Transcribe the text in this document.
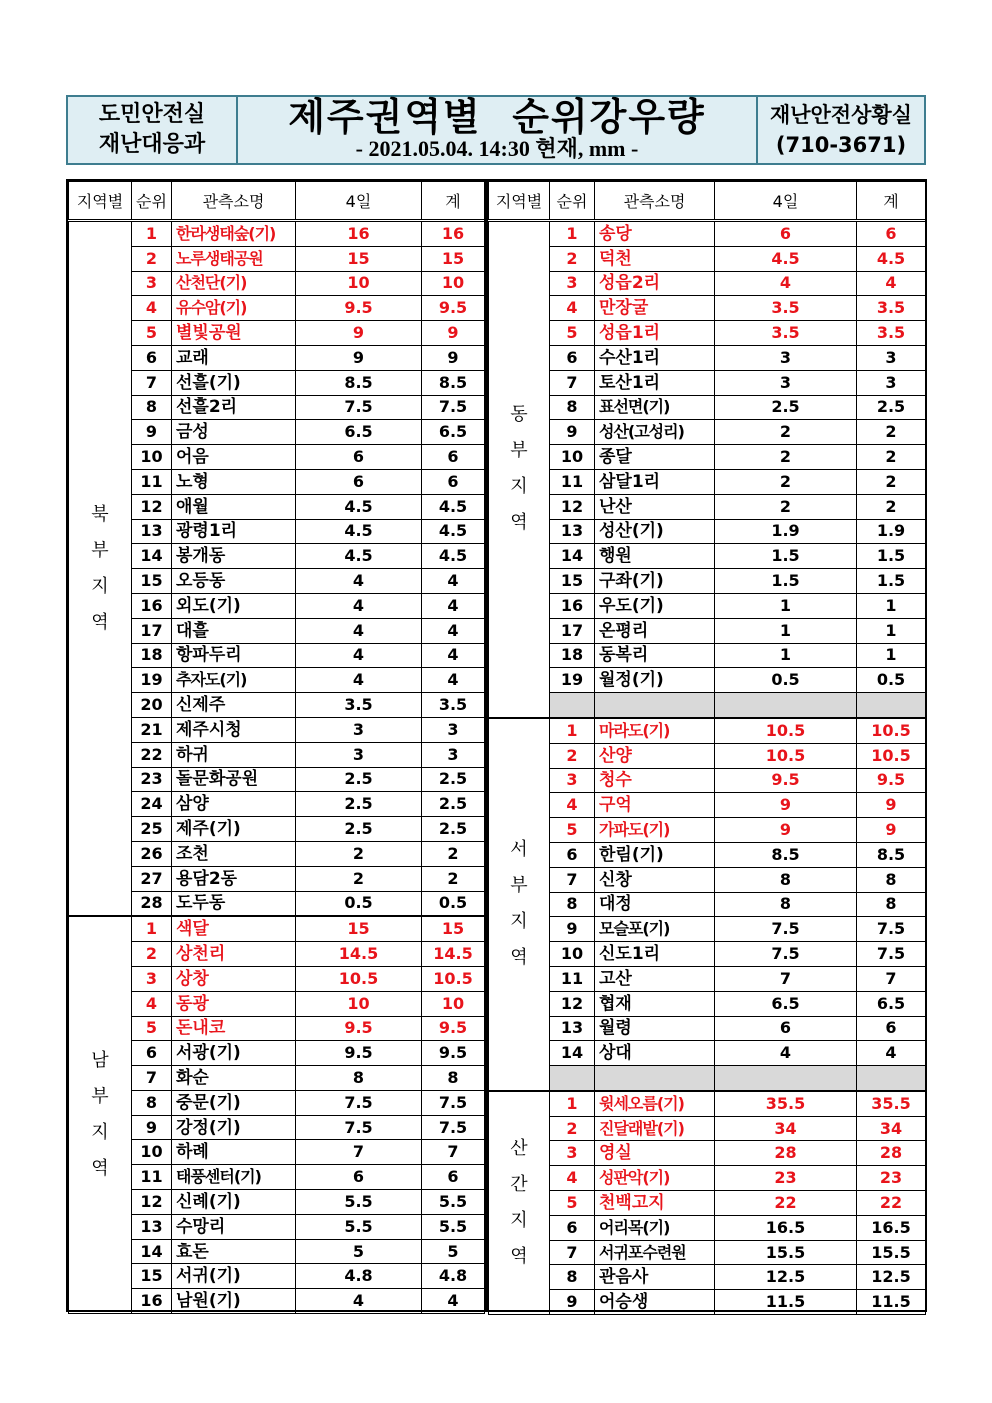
도민안전실
재난대응과
제주권역별  순위강우량
- 2021.05.04. 14:30 현재, mm -
재난안전상황실
(710-3671)
지역별	순위	관측소명	4일	계

북
부
지
역	1	한라생태숲(기)	16	16
	2	노루생태공원	15	15
	3	산천단(기)	10	10
	4	유수암(기)	9.5	9.5
	5	별빛공원	9	9
	6	교래	9	9
	7	선흘(기)	8.5	8.5
	8	선흘2리	7.5	7.5
	9	금성	6.5	6.5
	10	어음	6	6
	11	노형	6	6
	12	애월	4.5	4.5
	13	광령1리	4.5	4.5
	14	봉개동	4.5	4.5
	15	오등동	4	4
	16	외도(기)	4	4
	17	대흘	4	4
	18	항파두리	4	4
	19	추자도(기)	4	4
	20	신제주	3.5	3.5
	21	제주시청	3	3
	22	하귀	3	3
	23	돌문화공원	2.5	2.5
	24	삼양	2.5	2.5
	25	제주(기)	2.5	2.5
	26	조천	2	2
	27	용담2동	2	2
	28	도두동	0.5	0.5

남
부
지
역	1	색달	15	15
	2	상천리	14.5	14.5
	3	상창	10.5	10.5
	4	동광	10	10
	5	돈내코	9.5	9.5
	6	서광(기)	9.5	9.5
	7	화순	8	8
	8	중문(기)	7.5	7.5
	9	강정(기)	7.5	7.5
	10	하례	7	7
	11	태풍센터(기)	6	6
	12	신례(기)	5.5	5.5
	13	수망리	5.5	5.5
	14	효돈	5	5
	15	서귀(기)	4.8	4.8
	16	남원(기)	4	4
지역별	순위	관측소명	4일	계

동
부
지
역	1	송당	6	6
	2	덕천	4.5	4.5
	3	성읍2리	4	4
	4	만장굴	3.5	3.5
	5	성읍1리	3.5	3.5
	6	수산1리	3	3
	7	토산1리	3	3
	8	표선면(기)	2.5	2.5
	9	성산(고성리)	2	2
	10	종달	2	2
	11	삼달1리	2	2
	12	난산	2	2
	13	성산(기)	1.9	1.9
	14	행원	1.5	1.5
	15	구좌(기)	1.5	1.5
	16	우도(기)	1	1
	17	온평리	1	1
	18	동복리	1	1
	19	월정(기)	0.5	0.5

서
부
지
역	1	마라도(기)	10.5	10.5
	2	산양	10.5	10.5
	3	청수	9.5	9.5
	4	구억	9	9
	5	가파도(기)	9	9
	6	한림(기)	8.5	8.5
	7	신창	8	8
	8	대정	8	8
	9	모슬포(기)	7.5	7.5
	10	신도1리	7.5	7.5
	11	고산	7	7
	12	협재	6.5	6.5
	13	월령	6	6
	14	상대	4	4

산
간
지
역	1	윗세오름(기)	35.5	35.5
	2	진달래밭(기)	34	34
	3	영실	28	28
	4	성판악(기)	23	23
	5	천백고지	22	22
	6	어리목(기)	16.5	16.5
	7	서귀포수련원	15.5	15.5
	8	관음사	12.5	12.5
	9	어승생	11.5	11.5
